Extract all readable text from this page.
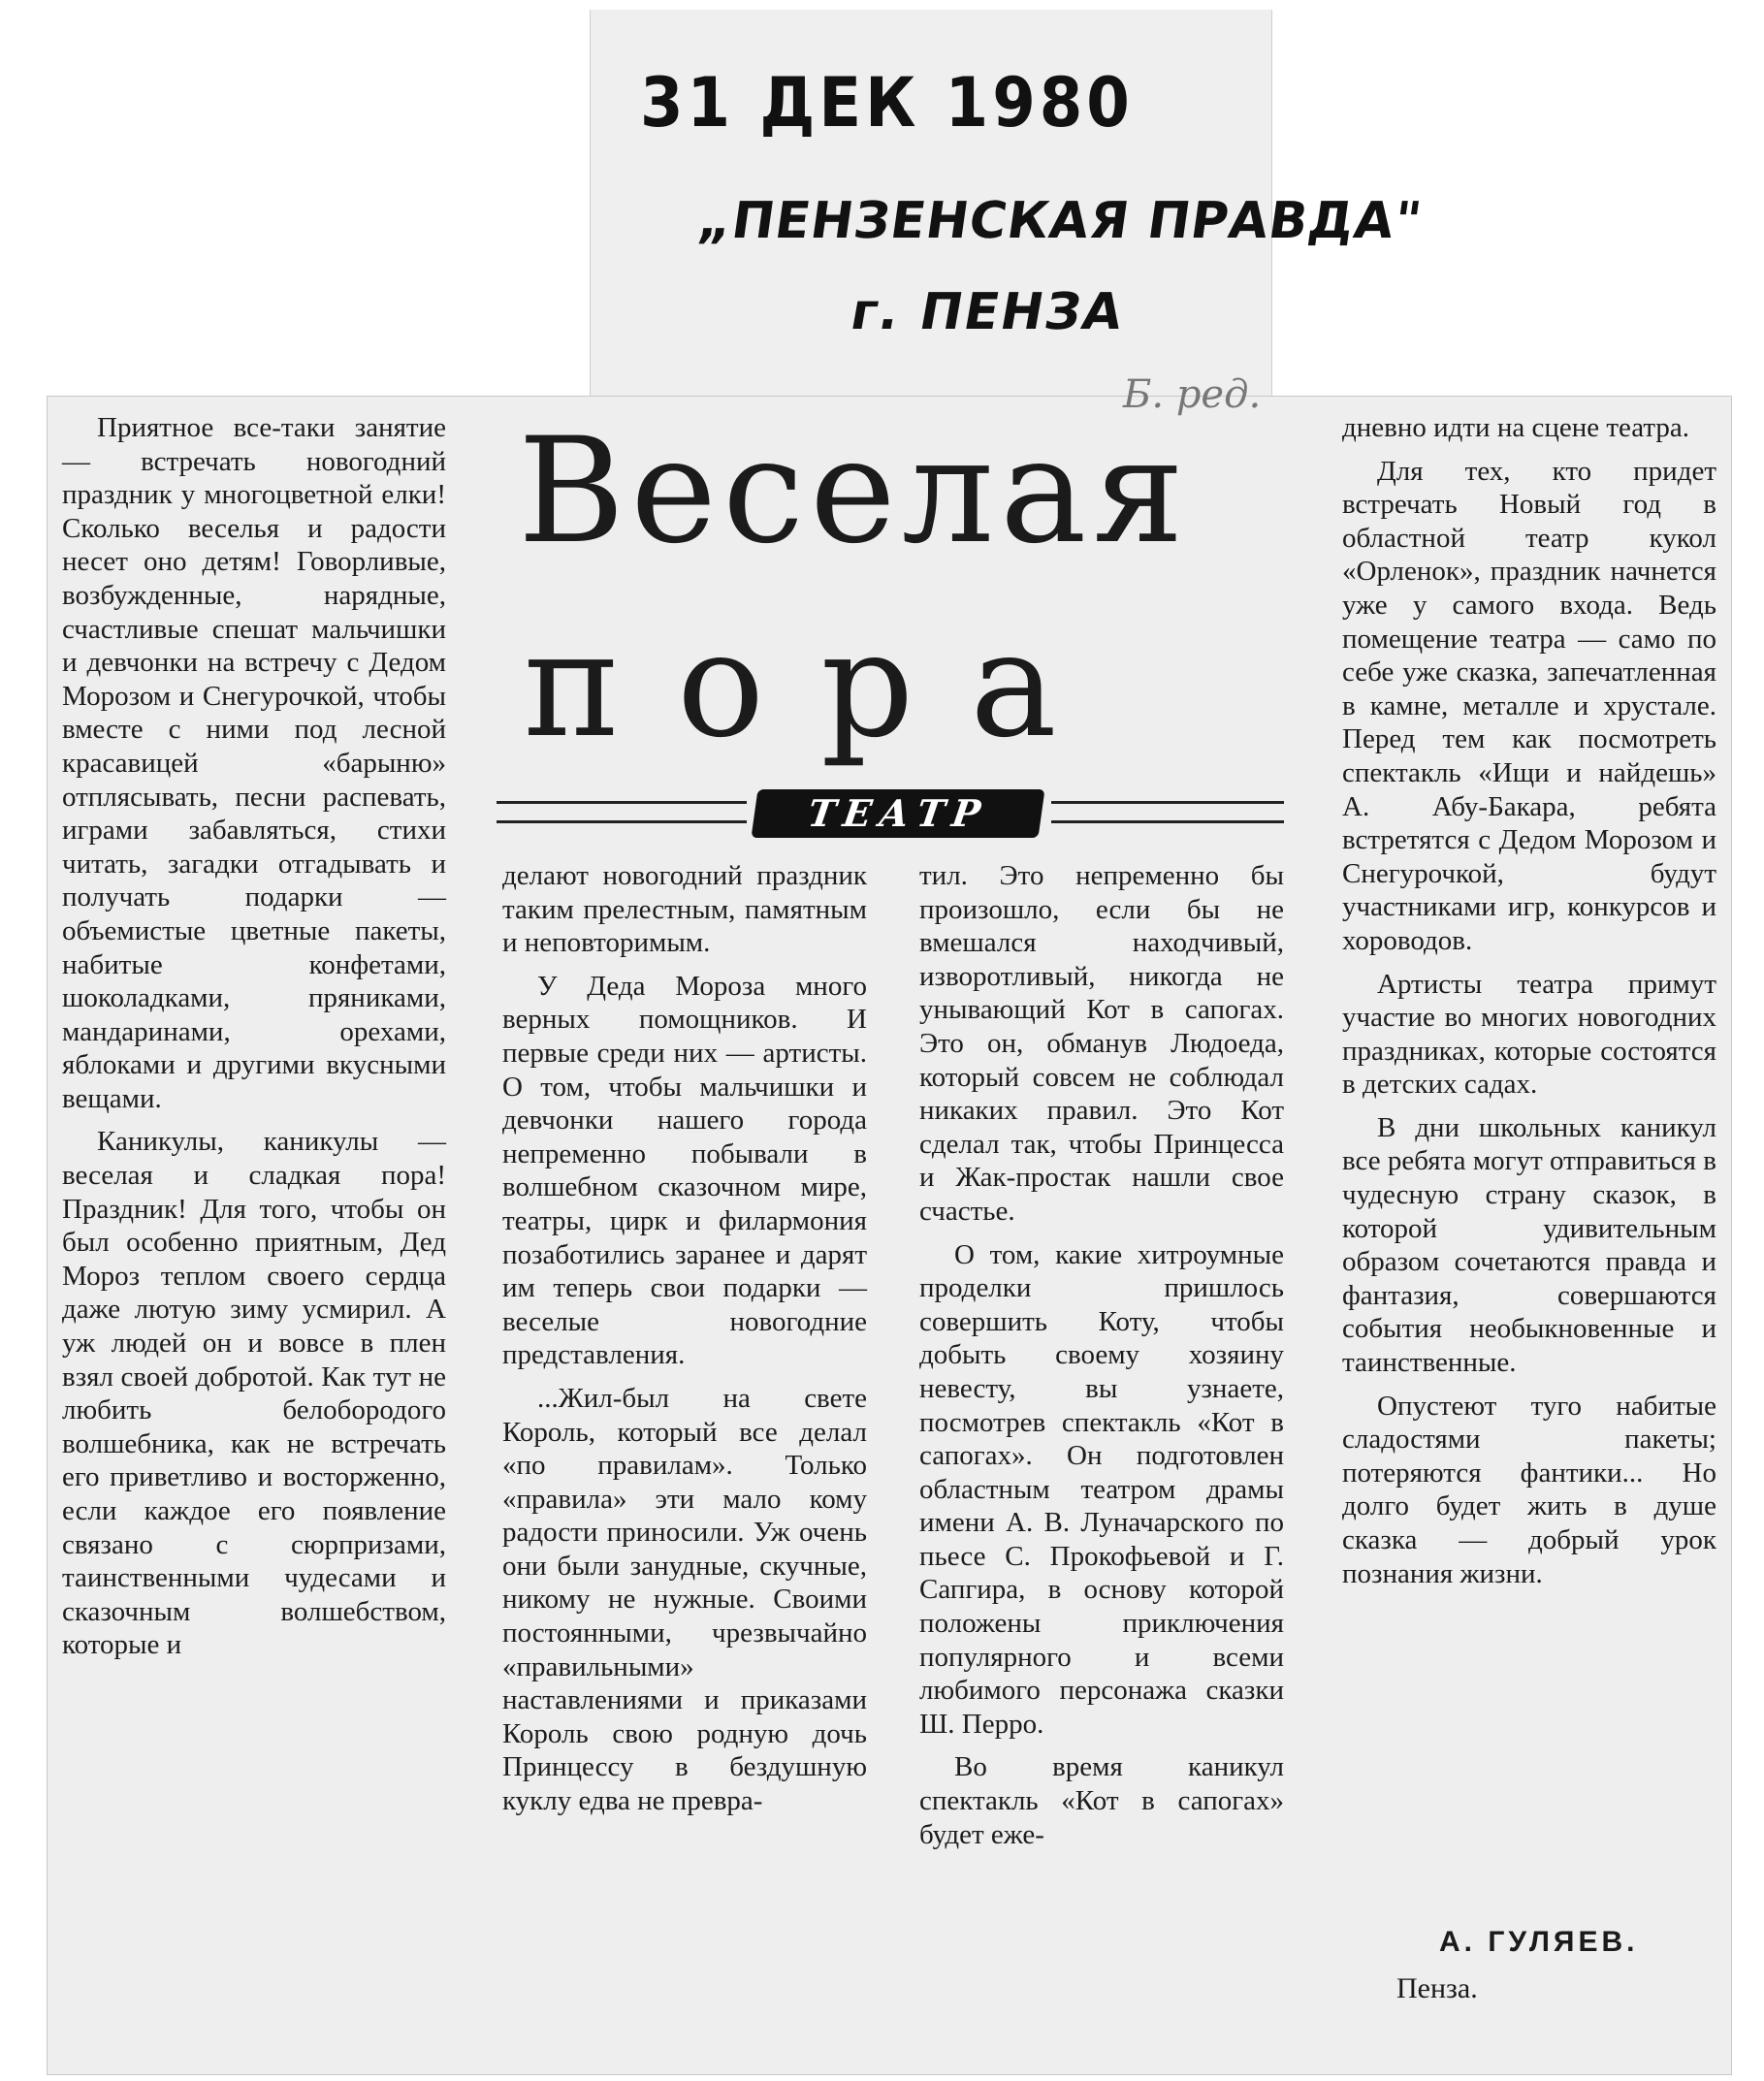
31 ДЕК 1980
„ПЕНЗЕНСКАЯ ПРАВДА"
г. ПЕНЗА
Б. ред.
Веселая
пора
ТЕАТР

Приятное все-таки занятие — встречать новогодний праздник у многоцветной елки! Сколько веселья и радости несет оно детям! Говорливые, возбужденные, нарядные, счастливые спешат мальчишки и девчонки на встречу с Дедом Морозом и Снегурочкой, чтобы вместе с ними под лесной красавицей «барыню» отплясывать, песни распевать, играми забавляться, стихи читать, загадки отгадывать и получать подарки — объемистые цветные пакеты, набитые конфетами, шоколадками, пряниками, мандаринами, орехами, яблоками и другими вкусными вещами.

Каникулы, каникулы — веселая и сладкая пора! Праздник! Для того, чтобы он был особенно приятным, Дед Мороз теплом своего сердца даже лютую зиму усмирил. А уж людей он и вовсе в плен взял своей добротой. Как тут не любить белобородого волшебника, как не встречать его приветливо и восторженно, если каждое его появление связано с сюрпризами, таинственными чудесами и сказочным волшебством, которые и

делают новогодний праздник таким прелестным, памятным и неповторимым.

У Деда Мороза много верных помощников. И первые среди них — артисты. О том, чтобы мальчишки и девчонки нашего города непременно побывали в волшебном сказочном мире, театры, цирк и филармония позаботились заранее и дарят им теперь свои подарки — веселые новогодние представления.

...Жил-был на свете Король, который все делал «по правилам». Только «правила» эти мало кому радости приносили. Уж очень они были занудные, скучные, никому не нужные. Своими постоянными, чрезвычайно «правильными» наставлениями и приказами Король свою родную дочь Принцессу в бездушную куклу едва не превра-

тил. Это непременно бы произошло, если бы не вмешался находчивый, изворотливый, никогда не унывающий Кот в сапогах. Это он, обманув Людоеда, который совсем не соблюдал никаких правил. Это Кот сделал так, чтобы Принцесса и Жак-простак нашли свое счастье.

О том, какие хитроумные проделки пришлось совершить Коту, чтобы добыть своему хозяину невесту, вы узнаете, посмотрев спектакль «Кот в сапогах». Он подготовлен областным театром драмы имени А. В. Луначарского по пьесе С. Прокофьевой и Г. Сапгира, в основу которой положены приключения популярного и всеми любимого персонажа сказки Ш. Перро.

Во время каникул спектакль «Кот в сапогах» будет еже-

дневно идти на сцене театра.

Для тех, кто придет встречать Новый год в областной театр кукол «Орленок», праздник начнется уже у самого входа. Ведь помещение театра — само по себе уже сказка, запечатленная в камне, металле и хрустале. Перед тем как посмотреть спектакль «Ищи и найдешь» А. Абу-Бакара, ребята встретятся с Дедом Морозом и Снегурочкой, будут участниками игр, конкурсов и хороводов.

Артисты театра примут участие во многих новогодних праздниках, которые состоятся в детских садах.

В дни школьных каникул все ребята могут отправиться в чудесную страну сказок, в которой удивительным образом сочетаются правда и фантазия, совершаются события необыкновенные и таинственные.

Опустеют туго набитые сладостями пакеты; потеряются фантики... Но долго будет жить в душе сказка — добрый урок познания жизни.

А. ГУЛЯЕВ.
Пенза.
